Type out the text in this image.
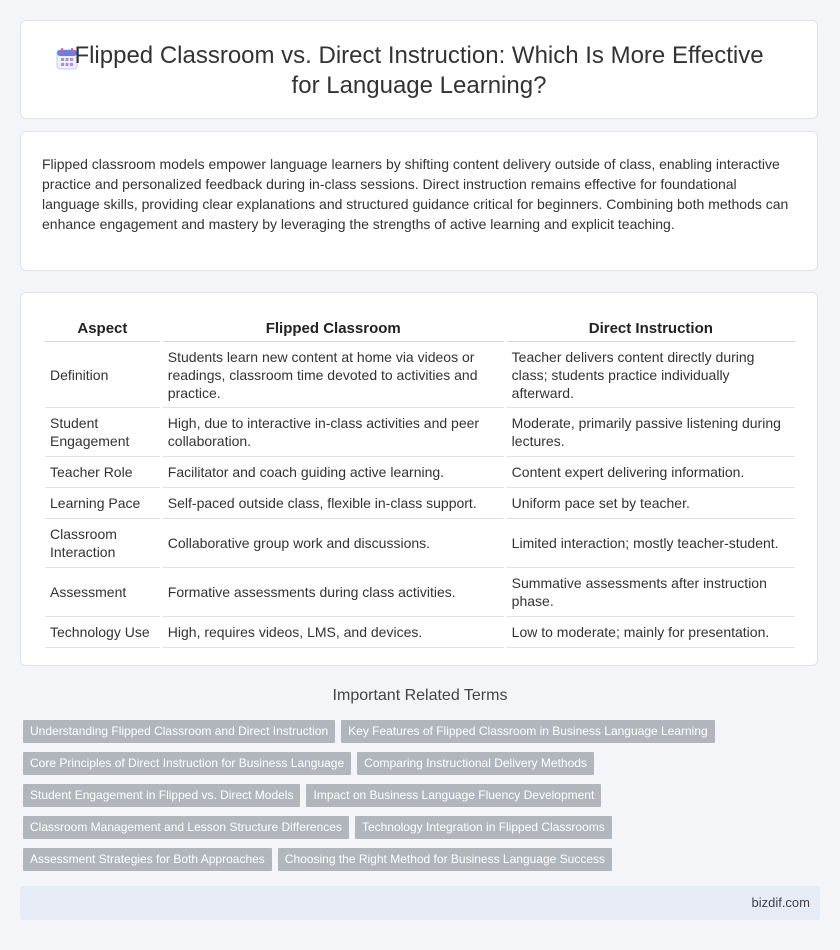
Flipped Classroom vs. Direct Instruction: Which Is More Effective
for Language Learning?
Flipped classroom models empower language learners by shifting content delivery outside of class, enabling interactive practice and personalized feedback during in-class sessions. Direct instruction remains effective for foundational language skills, providing clear explanations and structured guidance critical for beginners. Combining both methods can enhance engagement and mastery by leveraging the strengths of active learning and explicit teaching.
Aspect	Flipped Classroom	Direct Instruction
Definition	Students learn new content at home via videos or readings, classroom time devoted to activities and practice.	Teacher delivers content directly during class; students practice individually afterward.
Student Engagement	High, due to interactive in-class activities and peer collaboration.	Moderate, primarily passive listening during lectures.
Teacher Role	Facilitator and coach guiding active learning.	Content expert delivering information.
Learning Pace	Self-paced outside class, flexible in-class support.	Uniform pace set by teacher.
Classroom Interaction	Collaborative group work and discussions.	Limited interaction; mostly teacher-student.
Assessment	Formative assessments during class activities.	Summative assessments after instruction phase.
Technology Use	High, requires videos, LMS, and devices.	Low to moderate; mainly for presentation.
Important Related Terms
Understanding Flipped Classroom and Direct Instruction Key Features of Flipped Classroom in Business Language Learning
Core Principles of Direct Instruction for Business Language Comparing Instructional Delivery Methods
Student Engagement in Flipped vs. Direct Models Impact on Business Language Fluency Development
Classroom Management and Lesson Structure Differences Technology Integration in Flipped Classrooms
Assessment Strategies for Both Approaches Choosing the Right Method for Business Language Success
bizdif.com
